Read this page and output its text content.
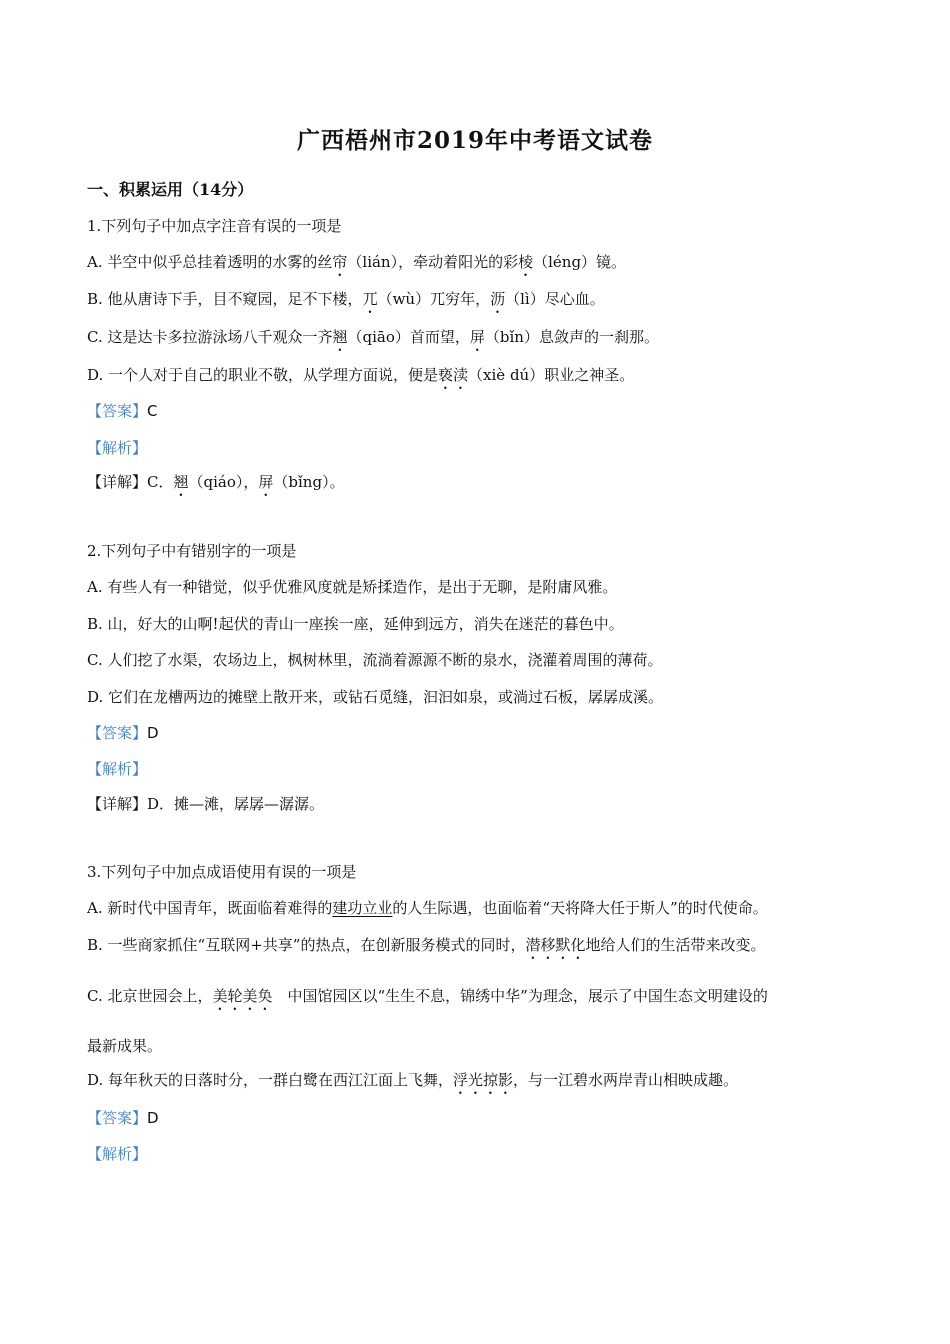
广西梧州市2019年中考语文试卷
一、积累运用（14分）
1.下列句子中加点字注音有误的一项是
A. 半空中似乎总挂着透明的水雾的丝帘（lián），牵动着阳光的彩棱（léng）镜。
B. 他从唐诗下手，目不窥园，足不下楼，兀（wù）兀穷年，沥（lì）尽心血。
C. 这是达卡多拉游泳场八千观众一齐翘（qiāo）首而望，屏（bǐn）息敛声的一刹那。
D. 一个人对于自己的职业不敬，从学理方面说，便是亵渎（xiè dú）职业之神圣。
【答案】C
【解析】
【详解】C．翘（qiáo），屏（bǐng）。
2.下列句子中有错别字的一项是
A. 有些人有一种错觉，似乎优雅风度就是矫揉造作，是出于无聊，是附庸风雅。
B. 山，好大的山啊!起伏的青山一座挨一座，延伸到远方，消失在迷茫的暮色中。
C. 人们挖了水渠，农场边上，枫树林里，流淌着源源不断的泉水，浇灌着周围的薄荷。
D. 它们在龙槽两边的摊壁上散开来，或钻石觅缝，汩汩如泉，或淌过石板，孱孱成溪。
【答案】D
【解析】
【详解】D．摊—滩，孱孱—潺潺。
3.下列句子中加点成语使用有误的一项是
A. 新时代中国青年，既面临着难得的建功立业的人生际遇，也面临着“天将降大任于斯人”的时代使命。
B. 一些商家抓住“互联网+共享”的热点，在创新服务模式的同时，潜移默化地给人们的生活带来改变。
C. 北京世园会上，美轮美奂　中国馆园区以“生生不息，锦绣中华”为理念，展示了中国生态文明建设的
最新成果。
D. 每年秋天的日落时分，一群白鹭在西江江面上飞舞，浮光掠影，与一江碧水两岸青山相映成趣。
【答案】D
【解析】
